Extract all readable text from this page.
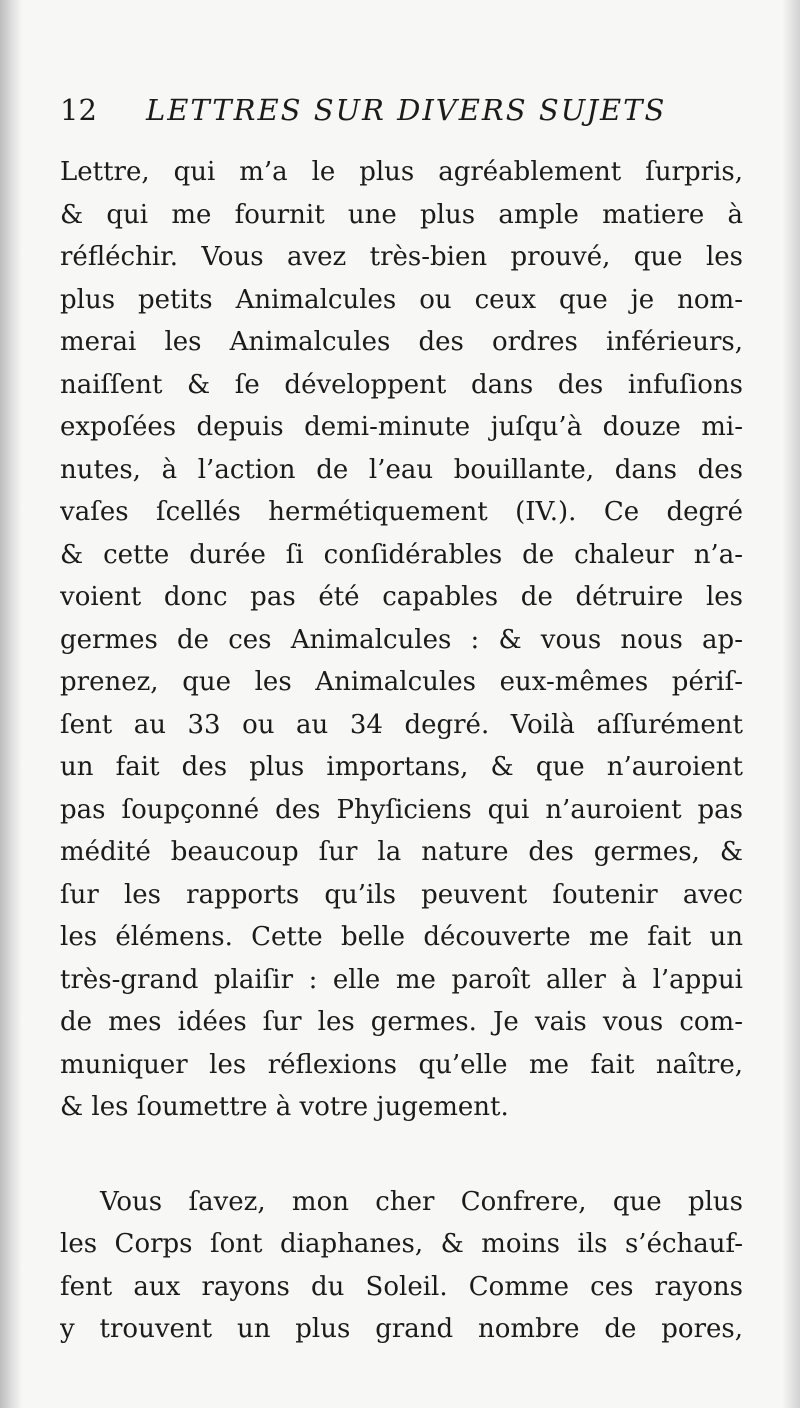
12 LETTRES SUR DIVERS SUJETS
Lettre, qui m’a le plus agréablement ſurpris,
& qui me fournit une plus ample matiere à
réfléchir. Vous avez très-bien prouvé, que les
plus petits Animalcules ou ceux que je nom-
merai les Animalcules des ordres inférieurs,
naiſſent & ſe développent dans des infuſions
expoſées depuis demi-minute juſqu’à douze mi-
nutes, à l’action de l’eau bouillante, dans des
vaſes ſcellés hermétiquement (IV.). Ce degré
& cette durée ſi conſidérables de chaleur n’a-
voient donc pas été capables de détruire les
germes de ces Animalcules : & vous nous ap-
prenez, que les Animalcules eux-mêmes périſ-
ſent au 33 ou au 34 degré. Voilà aſſurément
un fait des plus importans, & que n’auroient
pas ſoupçonné des Phyſiciens qui n’auroient pas
médité beaucoup ſur la nature des germes, &
ſur les rapports qu’ils peuvent ſoutenir avec
les élémens. Cette belle découverte me fait un
très-grand plaiſir : elle me paroît aller à l’appui
de mes idées ſur les germes. Je vais vous com-
muniquer les réflexions qu’elle me fait naître,
& les ſoumettre à votre jugement.
Vous ſavez, mon cher Confrere, que plus
les Corps ſont diaphanes, & moins ils s’échauf-
fent aux rayons du Soleil. Comme ces rayons
y trouvent un plus grand nombre de pores,
